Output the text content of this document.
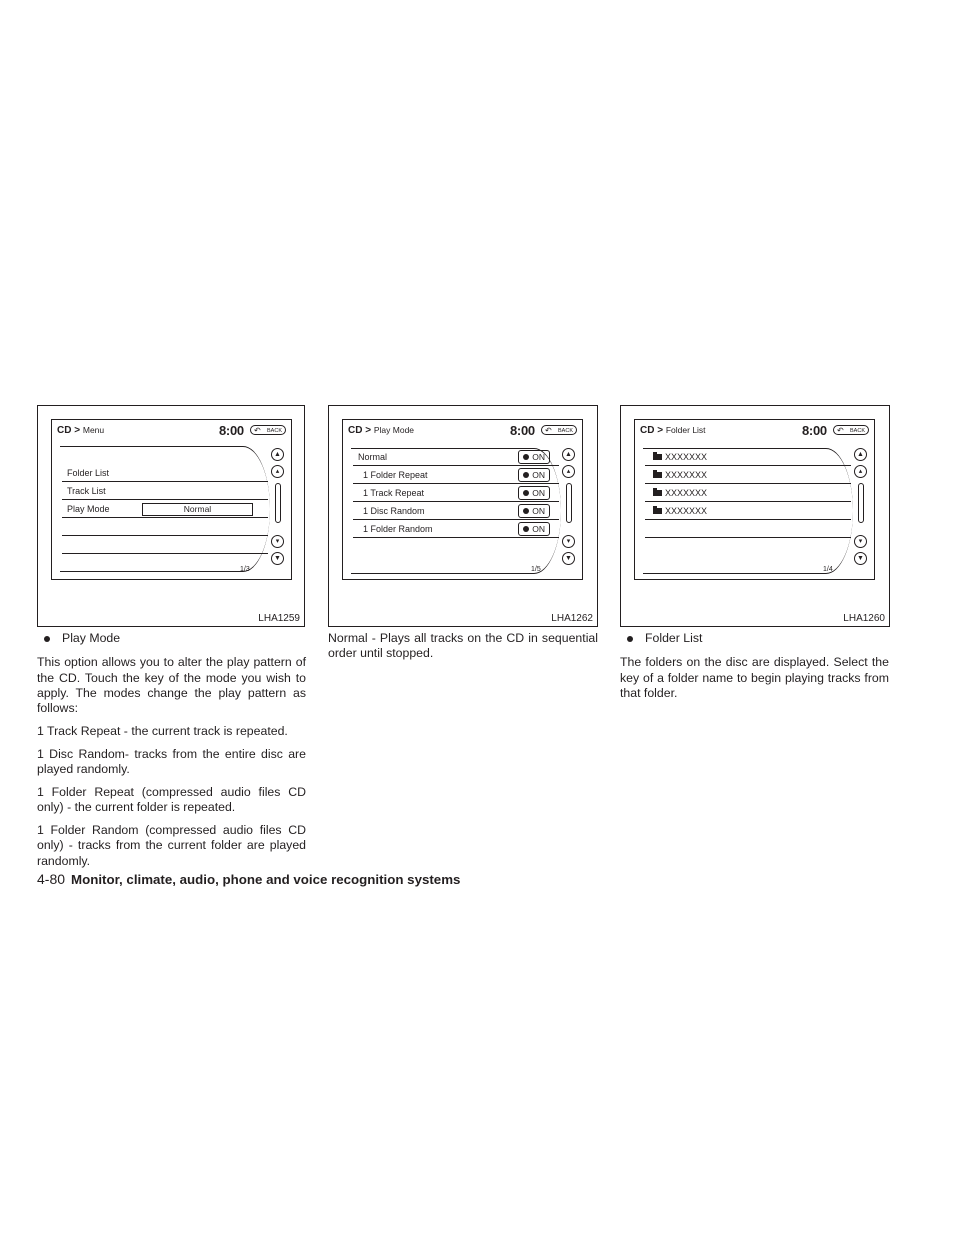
CD > Menu	8:00 ↶ BACK
Folder List
Track List
Play Mode	Normal
▲
▴
▾
▼
1/3
LHA1259
CD > Play Mode	8:00 ↶ BACK
Normal	ON
1 Folder Repeat	ON
1 Track Repeat	ON
1 Disc Random	ON
1 Folder Random	ON
▲
▴
▾
▼
1/5
LHA1262
CD > Folder List	8:00 ↶ BACK
XXXXXXX
XXXXXXX
XXXXXXX
XXXXXXX
▲
▴
▾
▼
1/4
LHA1260

Play Mode

This option allows you to alter the play pattern of the CD. Touch the key of the mode you wish to apply. The modes change the play pattern as follows:

1 Track Repeat - the current track is repeated.

1 Disc Random- tracks from the entire disc are played randomly.

1 Folder Repeat (compressed audio files CD only) - the current folder is repeated.

1 Folder Random (compressed audio files CD only) - tracks from the current folder are played randomly.

Normal - Plays all tracks on the CD in sequential order until stopped.

Folder List

The folders on the disc are displayed. Select the key of a folder name to begin playing tracks from that folder.

4-80 Monitor, climate, audio, phone and voice recognition systems
